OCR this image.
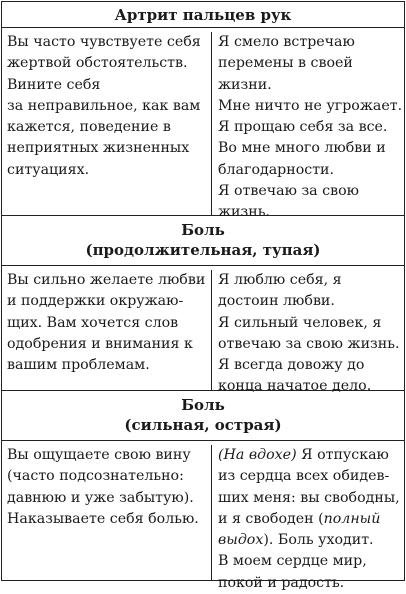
Артрит пальцев рук
Вы часто чувствуете себя
жертвой обстоятельств.
Вините себя
за неправильное, как вам
кажется, поведение в
неприятных жизненных
ситуациях.
Я смело встречаю
перемены в своей
жизни.
Мне ничто не угрожает.
Я прощаю себя за все.
Во мне много любви и
благодарности.
Я отвечаю за свою
жизнь.
Боль
(продолжительная, тупая)
Вы сильно желаете любви
и поддержки окружаю-
щих. Вам хочется слов
одобрения и внимания к
вашим проблемам.
Я люблю себя, я
достоин любви.
Я сильный человек, я
отвечаю за свою жизнь.
Я всегда довожу до
конца начатое дело.
Боль
(сильная, острая)
Вы ощущаете свою вину
(часто подсознательно:
давнюю и уже забытую).
Наказываете себя болью.
(На вдохе) Я отпускаю
из сердца всех обидев-
ших меня: вы свободны,
и я свободен (полный
выдох). Боль уходит.
В моем сердце мир,
покой и радость.
